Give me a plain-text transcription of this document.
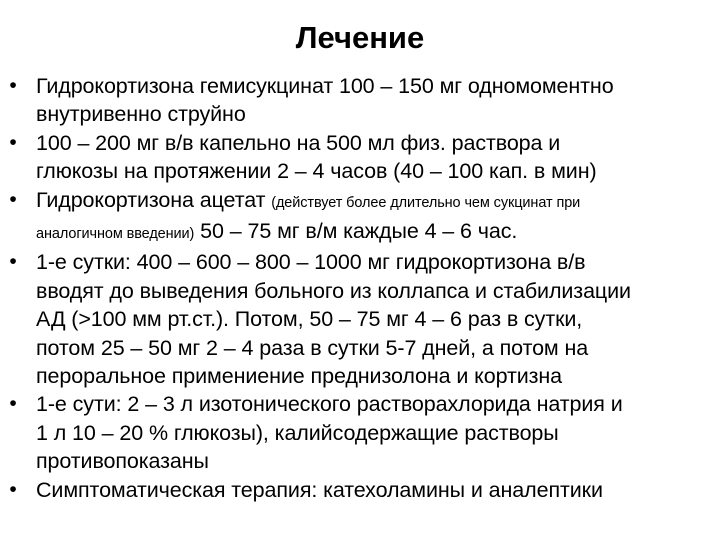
Лечение
• Гидрокортизона гемисукцинат 100 – 150 мг одномоментно
внутривенно струйно
• 100 – 200 мг в/в капельно на 500 мл физ. раствора и
глюкозы на протяжении 2 – 4 часов (40 – 100 кап. в мин)
• Гидрокортизона ацетат (действует более длительно чем сукцинат при
аналогичном введении) 50 – 75 мг в/м каждые 4 – 6 час.
• 1-е сутки: 400 – 600 – 800 – 1000 мг гидрокортизона в/в
вводят до выведения больного из коллапса и стабилизации
АД (>100 мм рт.ст.). Потом, 50 – 75 мг 4 – 6 раз в сутки,
потом 25 – 50 мг 2 – 4 раза в сутки 5-7 дней, а потом на
пероральное примениение преднизолона и кортизна
• 1-е сути: 2 – 3 л изотонического растворахлорида натрия и
1 л 10 – 20 % глюкозы), калийсодержащие растворы
противопоказаны
• Симптоматическая терапия: катехоламины и аналептики
